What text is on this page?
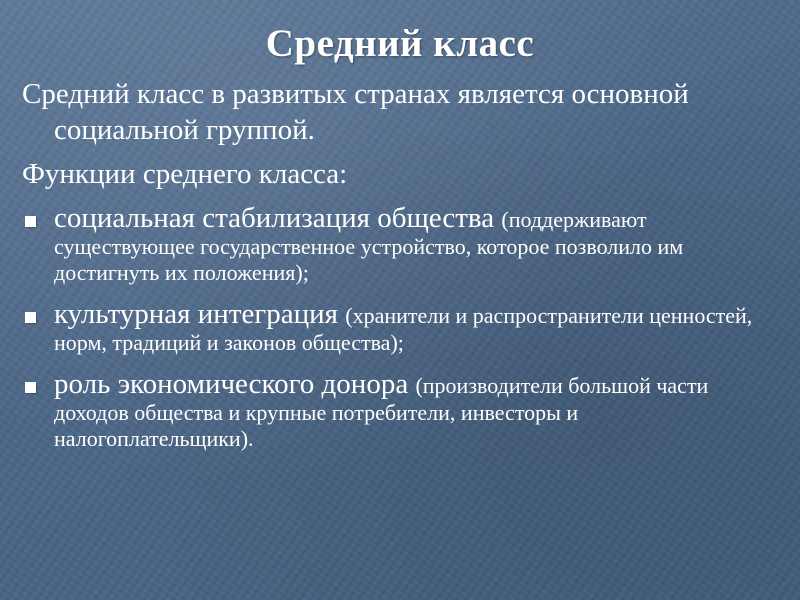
Средний класс

Средний класс в развитых странах является основной социальной группой.

Функции среднего класса:

социальная стабилизация общества (поддерживают существующее государственное устройство, которое позволило им достигнуть их положения);
культурная интеграция (хранители и распространители ценностей, норм, традиций и законов общества);
роль экономического донора (производители большой части доходов общества и крупные потребители, инвесторы и налогоплательщики).
